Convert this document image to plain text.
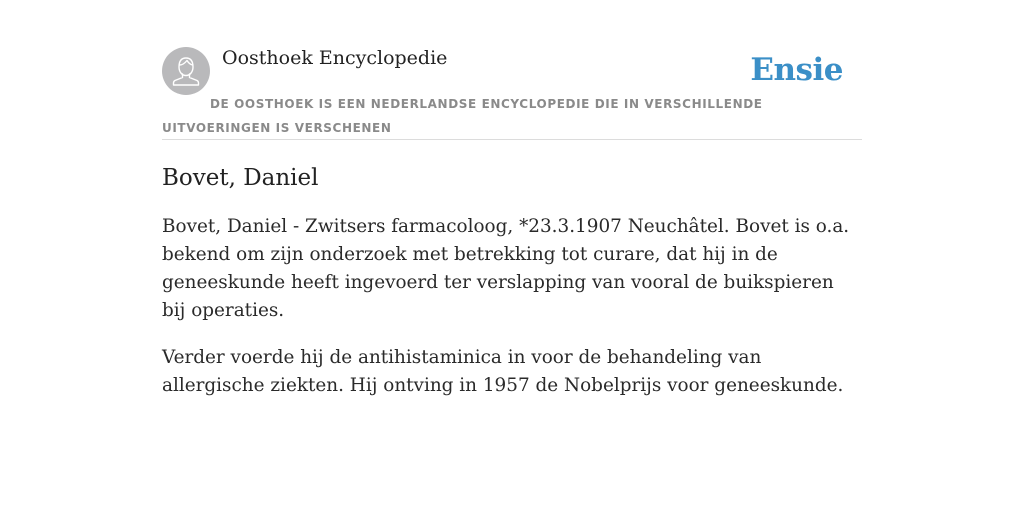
Oosthoek Encyclopedie	Ensie
DE OOSTHOEK IS EEN NEDERLANDSE ENCYCLOPEDIE DIE IN VERSCHILLENDE UITVOERINGEN IS VERSCHENEN
Bovet, Daniel

Bovet, Daniel - Zwitsers farmacoloog, *23.3.1907 Neuchâtel. Bovet is o.a. bekend om zijn onderzoek met betrekking tot curare, dat hij in de geneeskunde heeft ingevoerd ter verslapping van vooral de buikspieren bij operaties.

Verder voerde hij de antihistaminica in voor de behandeling van allergische ziekten. Hij ontving in 1957 de Nobelprijs voor geneeskunde.
